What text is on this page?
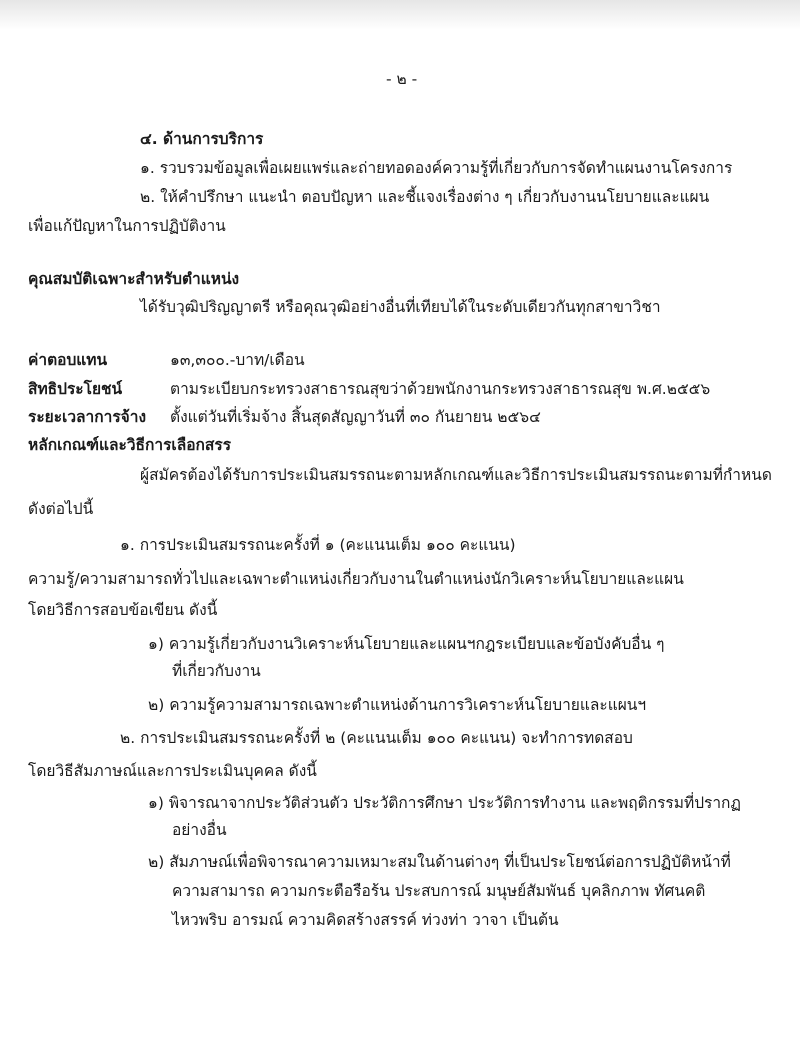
- ๒ -
๔. ด้านการบริการ
๑. รวบรวมข้อมูลเพื่อเผยแพร่และถ่ายทอดองค์ความรู้ที่เกี่ยวกับการจัดทำแผนงานโครงการ
๒. ให้คำปรึกษา แนะนำ ตอบปัญหา และชี้แจงเรื่องต่าง ๆ เกี่ยวกับงานนโยบายและแผน
เพื่อแก้ปัญหาในการปฏิบัติงาน
คุณสมบัติเฉพาะสำหรับตำแหน่ง
ได้รับวุฒิปริญญาตรี หรือคุณวุฒิอย่างอื่นที่เทียบได้ในระดับเดียวกันทุกสาขาวิชา
ค่าตอบแทน	๑๓,๓๐๐.-บาท/เดือน
สิทธิประโยชน์	ตามระเบียบกระทรวงสาธารณสุขว่าด้วยพนักงานกระทรวงสาธารณสุข พ.ศ.๒๕๕๖
ระยะเวลาการจ้าง ตั้งแต่วันที่เริ่มจ้าง สิ้นสุดสัญญาวันที่ ๓๐ กันยายน ๒๕๖๔
หลักเกณฑ์และวิธีการเลือกสรร
ผู้สมัครต้องได้รับการประเมินสมรรถนะตามหลักเกณฑ์และวิธีการประเมินสมรรถนะตามที่กำหนด
ดังต่อไปนี้
๑. การประเมินสมรรถนะครั้งที่ ๑ (คะแนนเต็ม ๑๐๐ คะแนน)
ความรู้/ความสามารถทั่วไปและเฉพาะตำแหน่งเกี่ยวกับงานในตำแหน่งนักวิเคราะห์นโยบายและแผน
โดยวิธีการสอบข้อเขียน ดังนี้
๑) ความรู้เกี่ยวกับงานวิเคราะห์นโยบายและแผนฯกฎระเบียบและข้อบังคับอื่น ๆ
ที่เกี่ยวกับงาน
๒) ความรู้ความสามารถเฉพาะตำแหน่งด้านการวิเคราะห์นโยบายและแผนฯ
๒. การประเมินสมรรถนะครั้งที่ ๒ (คะแนนเต็ม ๑๐๐ คะแนน) จะทำการทดสอบ
โดยวิธีสัมภาษณ์และการประเมินบุคคล ดังนี้
๑) พิจารณาจากประวัติส่วนตัว ประวัติการศึกษา ประวัติการทำงาน และพฤติกรรมที่ปรากฏ
อย่างอื่น
๒) สัมภาษณ์เพื่อพิจารณาความเหมาะสมในด้านต่างๆ ที่เป็นประโยชน์ต่อการปฏิบัติหน้าที่
ความสามารถ ความกระตือรือร้น ประสบการณ์ มนุษย์สัมพันธ์ บุคลิกภาพ ทัศนคติ
ไหวพริบ อารมณ์ ความคิดสร้างสรรค์ ท่วงท่า วาจา เป็นต้น
